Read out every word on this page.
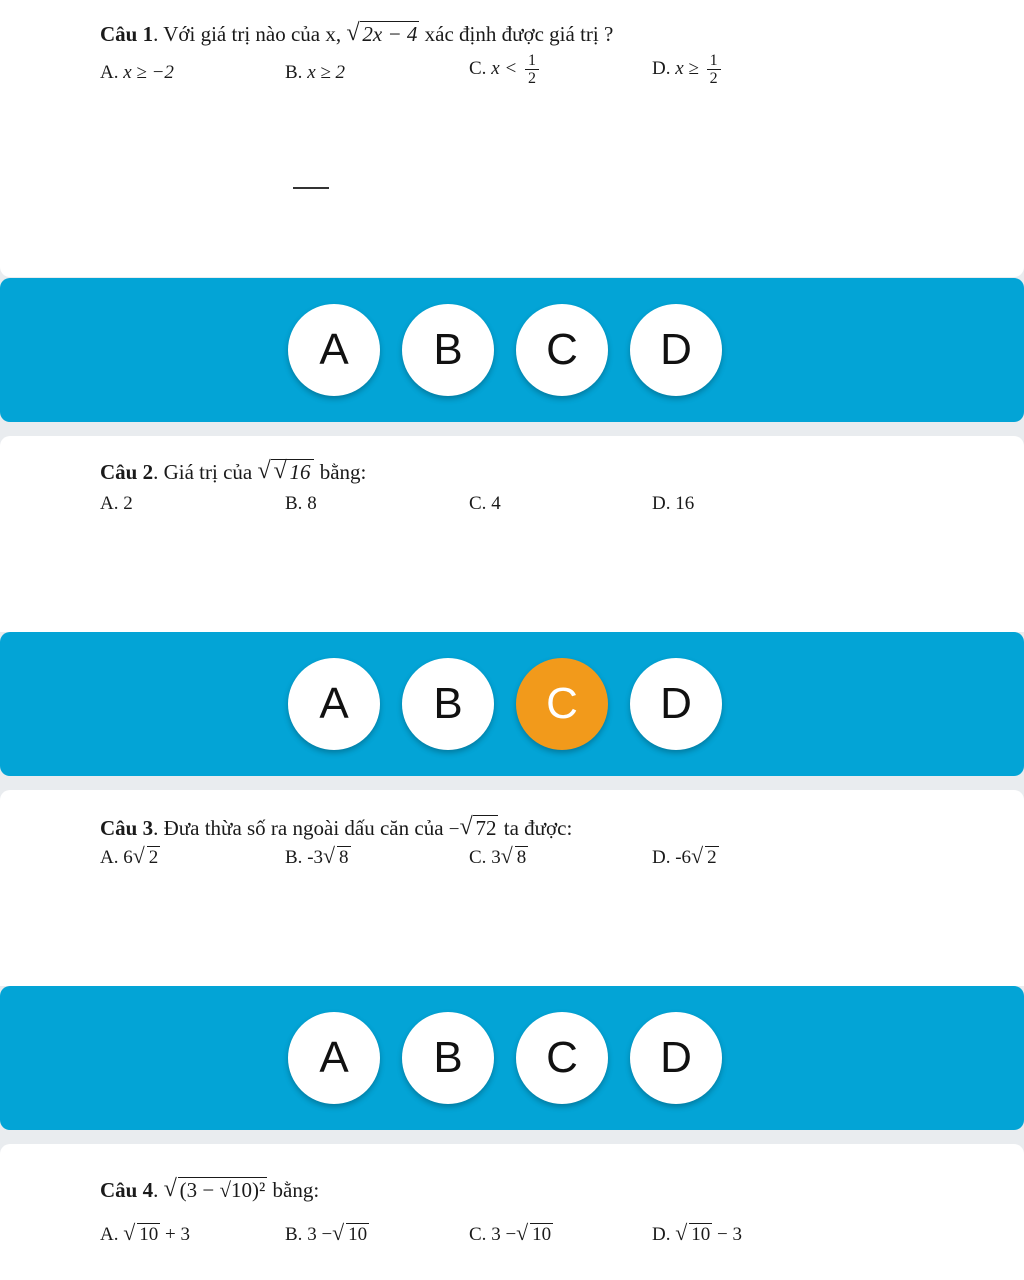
Câu 1. Với giá trị nào của x, √ 2x − 4 xác định được giá trị ?
A. x ≥ −2	B. x ≥ 2	C. $x < \frac{1}{2}$	D. $x \ge \frac{1}{2}$
A	B	C	D
Câu 2. Giá trị của √ √ 16 bằng:
A. 2	B. 8	C. 4	D. 16
A	B	C	D
Câu 3. Đưa thừa số ra ngoài dấu căn của − √ 72 ta được:
A. 6 √ 2	B. -3 √ 8	C. 3 √ 8	D. -6 √ 2
A	B	C	D
Câu 4. √ (3 − √10)² bằng:
A. √ 10 + 3	B. 3 − √ 10	C. 3 − √ 10	D. √ 10 − 3
